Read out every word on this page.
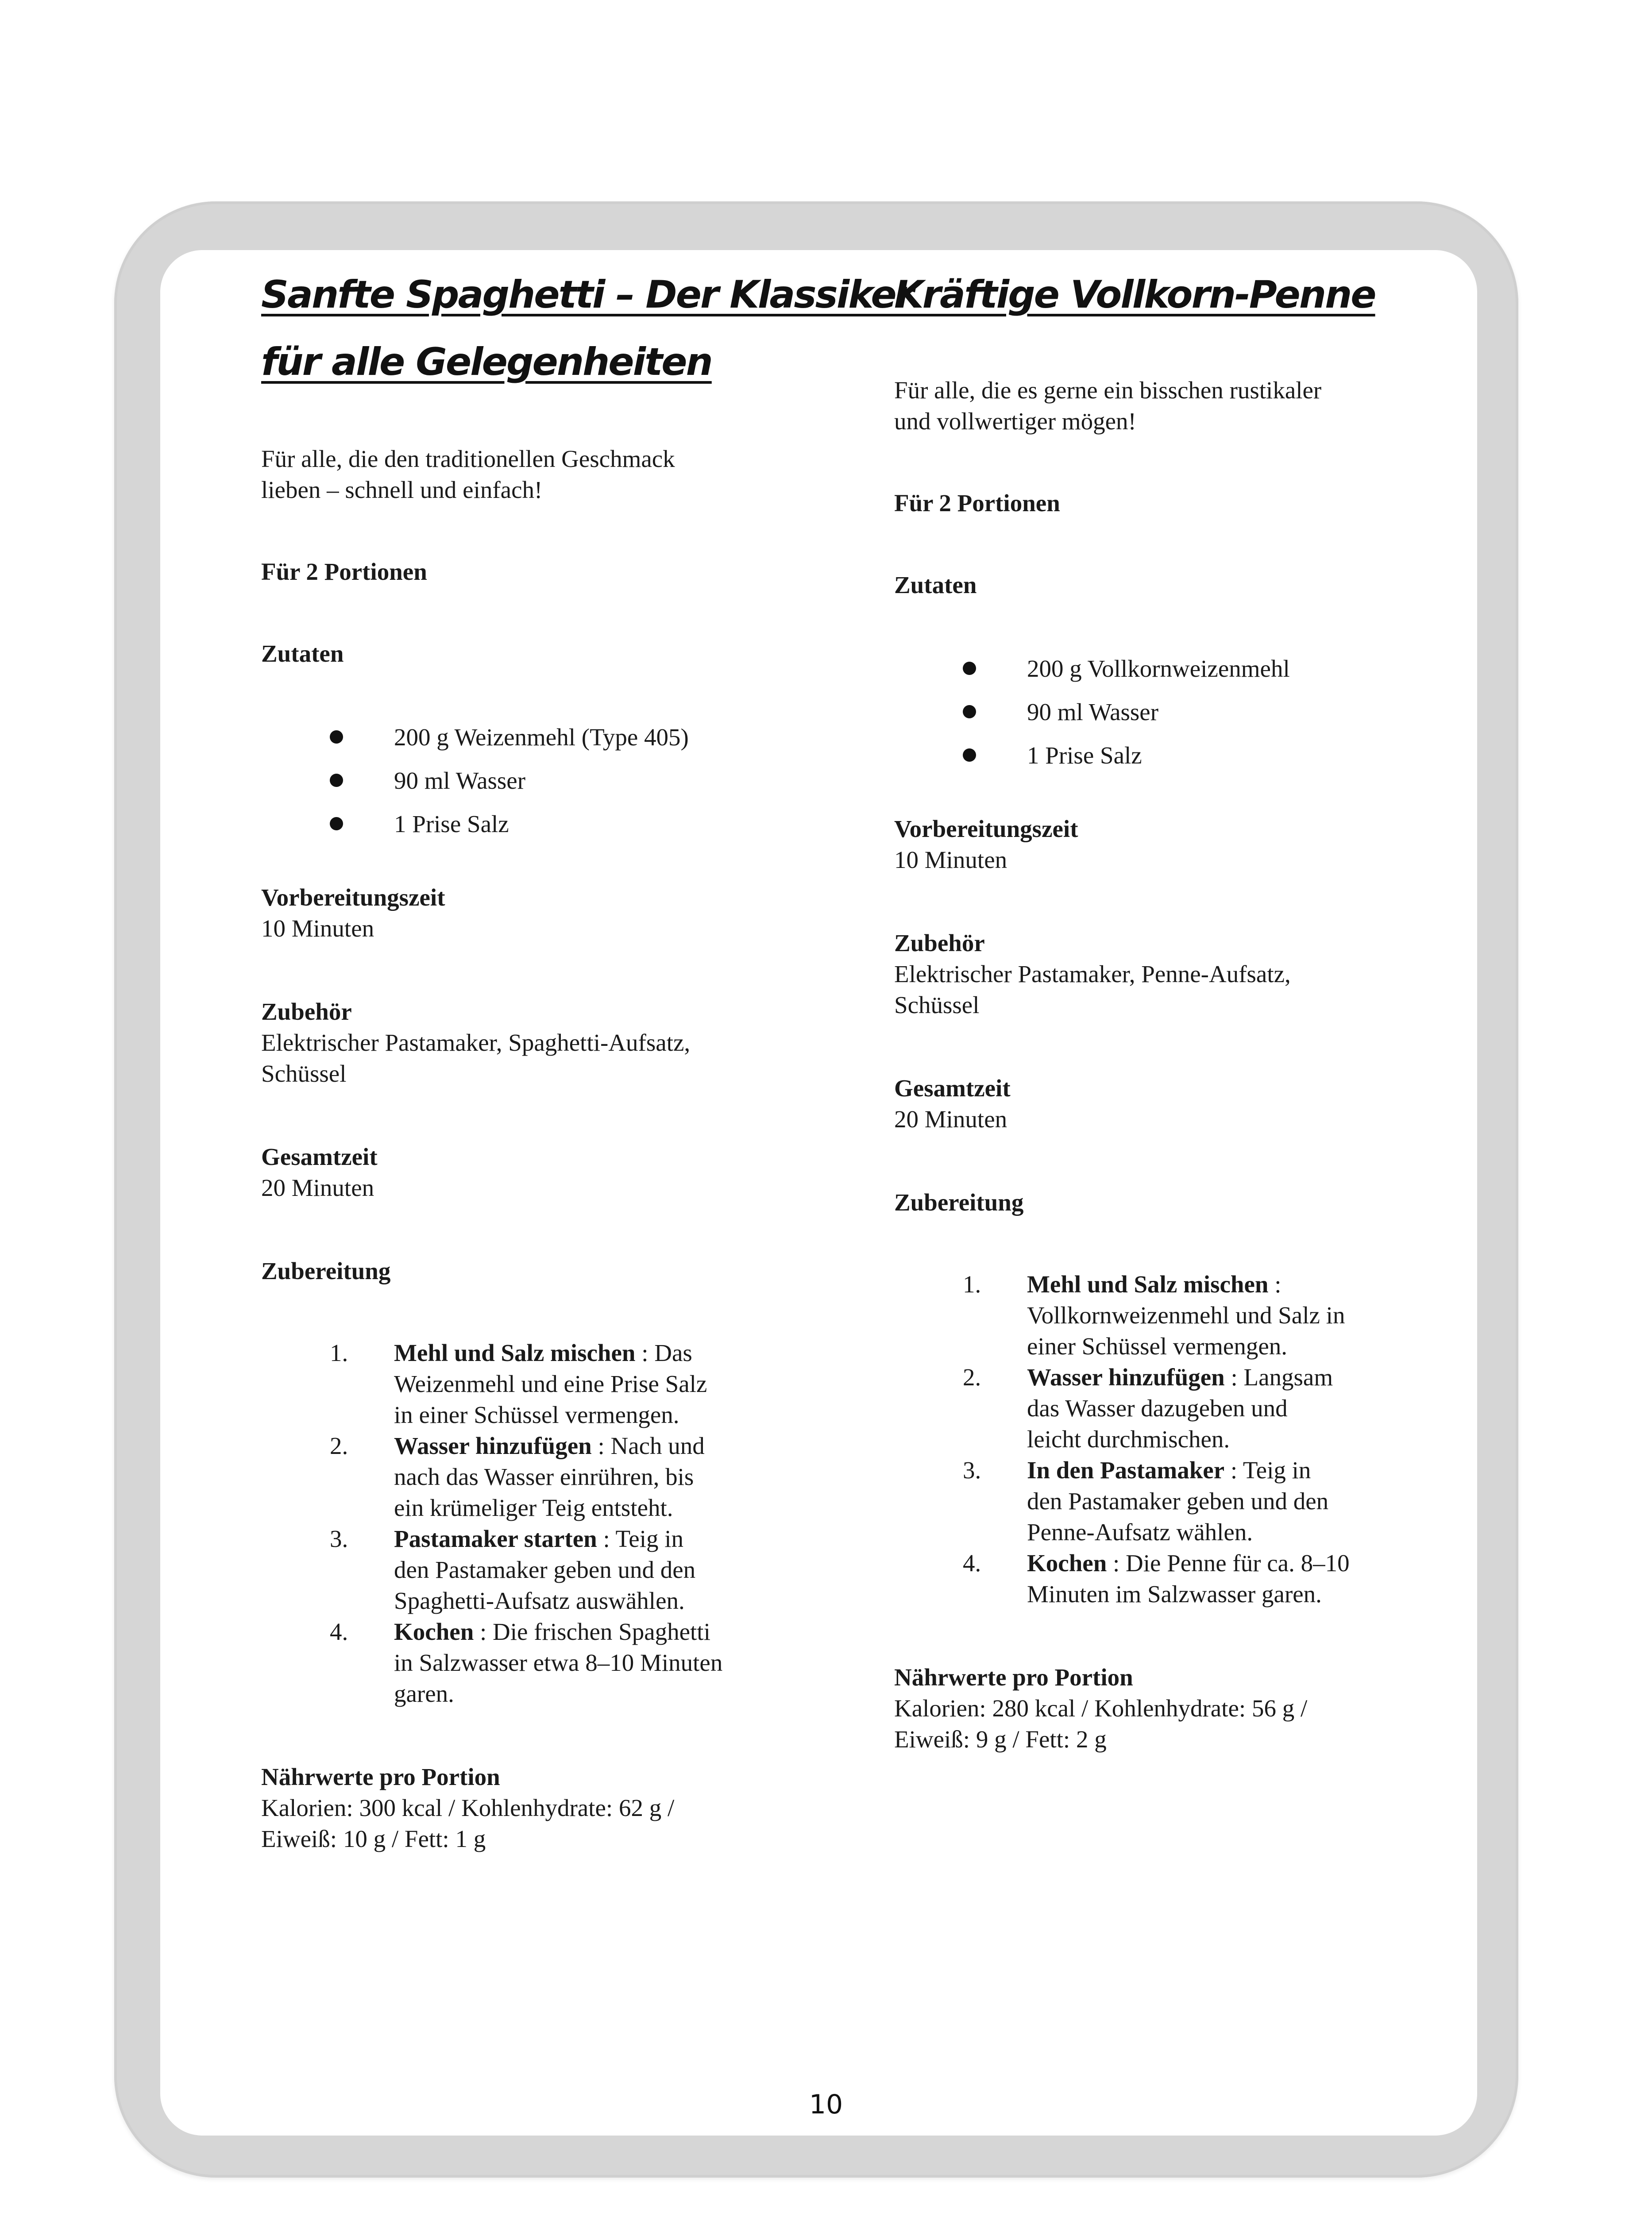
Sanfte Spaghetti – Der Klassiker
für alle Gelegenheiten

Für alle, die den traditionellen Geschmack
lieben – schnell und einfach!

Für 2 Portionen

Zutaten

200 g Weizenmehl (Type 405)
90 ml Wasser
1 Prise Salz

Vorbereitungszeit

10 Minuten

Zubehör

Elektrischer Pastamaker, Spaghetti-Aufsatz,
Schüssel

Gesamtzeit

20 Minuten

Zubereitung

1. Mehl und Salz mischen : Das
Weizenmehl und eine Prise Salz
in einer Schüssel vermengen.
2. Wasser hinzufügen : Nach und
nach das Wasser einrühren, bis
ein krümeliger Teig entsteht.
3. Pastamaker starten : Teig in
den Pastamaker geben und den
Spaghetti-Aufsatz auswählen.
4. Kochen : Die frischen Spaghetti
in Salzwasser etwa 8–10 Minuten
garen.

Nährwerte pro Portion

Kalorien: 300 kcal / Kohlenhydrate: 62 g /
Eiweiß: 10 g / Fett: 1 g

Kräftige Vollkorn-Penne

Für alle, die es gerne ein bisschen rustikaler
und vollwertiger mögen!

Für 2 Portionen

Zutaten

200 g Vollkornweizenmehl
90 ml Wasser
1 Prise Salz

Vorbereitungszeit

10 Minuten

Zubehör

Elektrischer Pastamaker, Penne-Aufsatz,
Schüssel

Gesamtzeit

20 Minuten

Zubereitung

1. Mehl und Salz mischen :
Vollkornweizenmehl und Salz in
einer Schüssel vermengen.
2. Wasser hinzufügen : Langsam
das Wasser dazugeben und
leicht durchmischen.
3. In den Pastamaker : Teig in
den Pastamaker geben und den
Penne-Aufsatz wählen.
4. Kochen : Die Penne für ca. 8–10
Minuten im Salzwasser garen.

Nährwerte pro Portion

Kalorien: 280 kcal / Kohlenhydrate: 56 g /
Eiweiß: 9 g / Fett: 2 g

10
